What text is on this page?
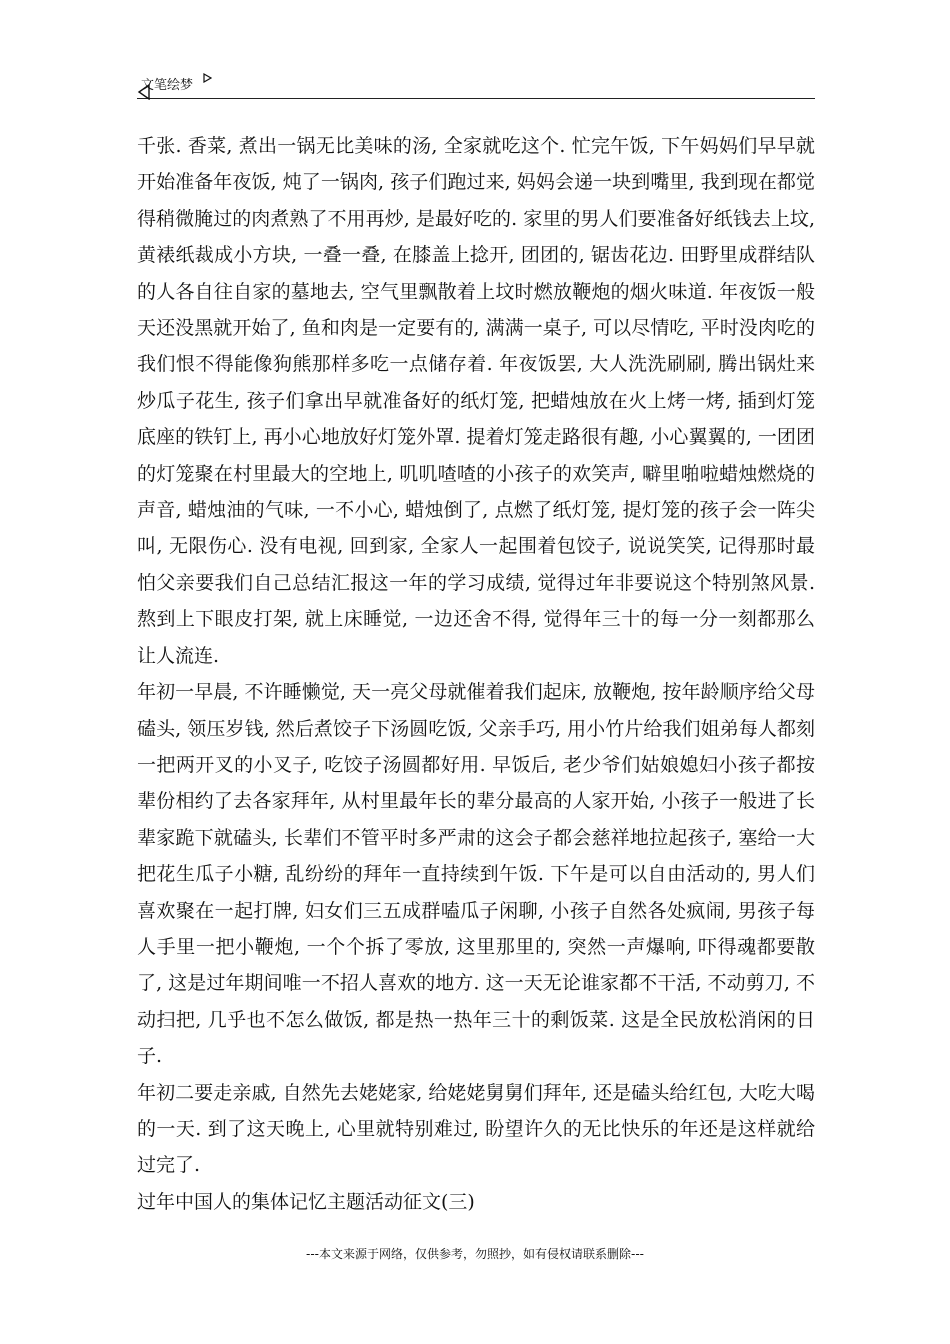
文笔绘梦

千张. 香菜, 煮出一锅无比美味的汤, 全家就吃这个. 忙完午饭, 下午妈妈们早早就开始准备年夜饭, 炖了一锅肉, 孩子们跑过来, 妈妈会递一块到嘴里, 我到现在都觉得稍微腌过的肉煮熟了不用再炒, 是最好吃的. 家里的男人们要准备好纸钱去上坟, 黄裱纸裁成小方块, 一叠一叠, 在膝盖上捻开, 团团的, 锯齿花边. 田野里成群结队的人各自往自家的墓地去, 空气里飘散着上坟时燃放鞭炮的烟火味道. 年夜饭一般天还没黑就开始了, 鱼和肉是一定要有的, 满满一桌子, 可以尽情吃, 平时没肉吃的我们恨不得能像狗熊那样多吃一点储存着. 年夜饭罢, 大人洗洗刷刷, 腾出锅灶来炒瓜子花生, 孩子们拿出早就准备好的纸灯笼, 把蜡烛放在火上烤一烤, 插到灯笼底座的铁钉上, 再小心地放好灯笼外罩. 提着灯笼走路很有趣, 小心翼翼的, 一团团的灯笼聚在村里最大的空地上, 叽叽喳喳的小孩子的欢笑声, 噼里啪啦蜡烛燃烧的声音, 蜡烛油的气味, 一不小心, 蜡烛倒了, 点燃了纸灯笼, 提灯笼的孩子会一阵尖叫, 无限伤心. 没有电视, 回到家, 全家人一起围着包饺子, 说说笑笑, 记得那时最怕父亲要我们自己总结汇报这一年的学习成绩, 觉得过年非要说这个特别煞风景. 熬到上下眼皮打架, 就上床睡觉, 一边还舍不得, 觉得年三十的每一分一刻都那么让人流连.

年初一早晨, 不许睡懒觉, 天一亮父母就催着我们起床, 放鞭炮, 按年龄顺序给父母磕头, 领压岁钱, 然后煮饺子下汤圆吃饭, 父亲手巧, 用小竹片给我们姐弟每人都刻一把两开叉的小叉子, 吃饺子汤圆都好用. 早饭后, 老少爷们姑娘媳妇小孩子都按辈份相约了去各家拜年, 从村里最年长的辈分最高的人家开始, 小孩子一般进了长辈家跪下就磕头, 长辈们不管平时多严肃的这会子都会慈祥地拉起孩子, 塞给一大把花生瓜子小糖, 乱纷纷的拜年一直持续到午饭. 下午是可以自由活动的, 男人们喜欢聚在一起打牌, 妇女们三五成群嗑瓜子闲聊, 小孩子自然各处疯闹, 男孩子每人手里一把小鞭炮, 一个个拆了零放, 这里那里的, 突然一声爆响, 吓得魂都要散了, 这是过年期间唯一不招人喜欢的地方. 这一天无论谁家都不干活, 不动剪刀, 不动扫把, 几乎也不怎么做饭, 都是热一热年三十的剩饭菜. 这是全民放松消闲的日子.

年初二要走亲戚, 自然先去姥姥家, 给姥姥舅舅们拜年, 还是磕头给红包, 大吃大喝的一天. 到了这天晚上, 心里就特别难过, 盼望许久的无比快乐的年还是这样就给过完了.

过年中国人的集体记忆主题活动征文(三)

---本文来源于网络，仅供参考，勿照抄，如有侵权请联系删除---
